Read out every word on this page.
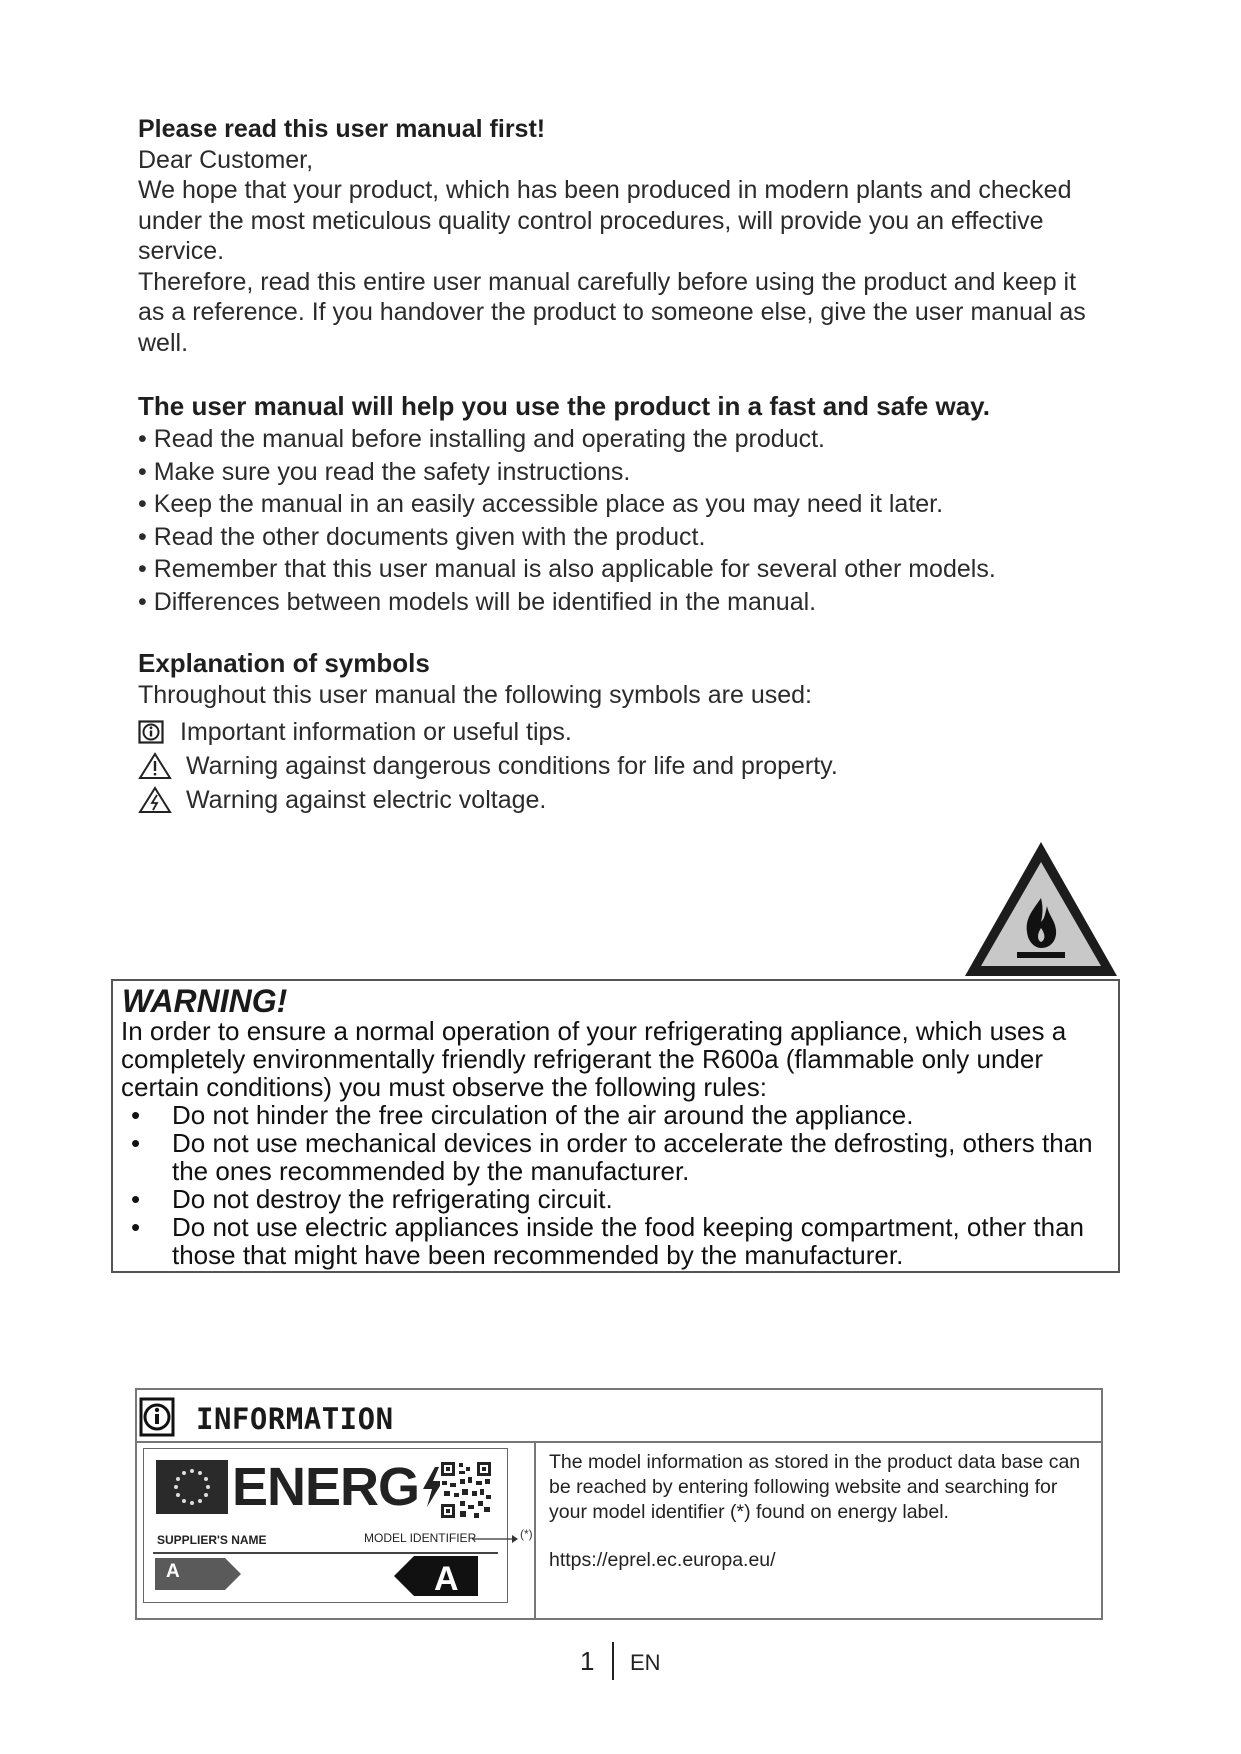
Please read this user manual first!

Dear Customer,

We hope that your product, which has been produced in modern plants and checked under the most meticulous quality control procedures, will provide you an effective service.

Therefore, read this entire user manual carefully before using the product and keep it as a reference. If you handover the product to someone else, give the user manual as well.

The user manual will help you use the product in a fast and safe way.
• Read the manual before installing and operating the product.
• Make sure you read the safety instructions.
• Keep the manual in an easily accessible place as you may need it later.
• Read the other documents given with the product.
• Remember that this user manual is also applicable for several other models.
• Differences between models will be identified in the manual.
Explanation of symbols
Throughout this user manual the following symbols are used:
Important information or useful tips.
Warning against dangerous conditions for life and property.
Warning against electric voltage.
WARNING!
In order to ensure a normal operation of your refrigerating appliance, which uses a completely environmentally friendly refrigerant the R600a (flammable only under certain conditions) you must observe the following rules:
• Do not hinder the free circulation of the air around the appliance.
• Do not use mechanical devices in order to accelerate the defrosting, others than the ones recommended by the manufacturer.
• Do not destroy the refrigerating circuit.
• Do not use electric appliances inside the food keeping compartment, other than those that might have been recommended by the manufacturer.
INFORMATION

The model information as stored in the product data base can be reached by entering following website and searching for your model identifier (*) found on energy label.

https://eprel.ec.europa.eu/
ENERG
SUPPLIER'S NAME	MODEL IDENTIFIER	(*)
A	A
1 EN
